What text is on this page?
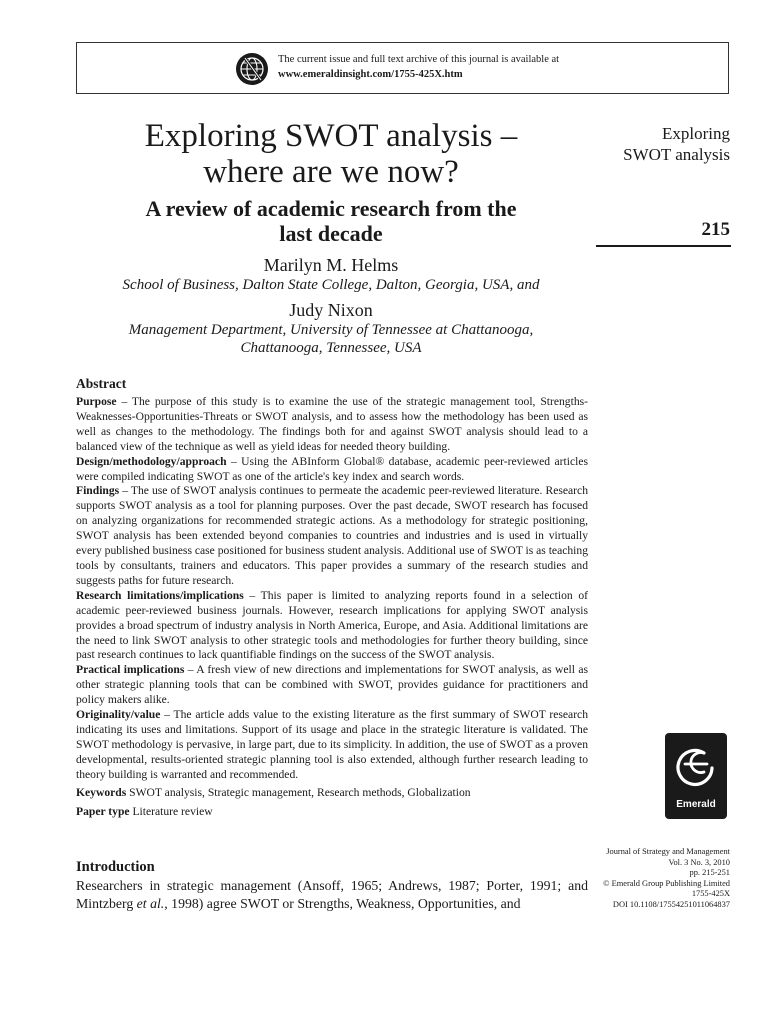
The current issue and full text archive of this journal is available at
www.emeraldinsight.com/1755-425X.htm
Exploring SWOT analysis –
where are we now?
A review of academic research from the
last decade
Marilyn M. Helms
School of Business, Dalton State College, Dalton, Georgia, USA, and
Judy Nixon
Management Department, University of Tennessee at Chattanooga,
Chattanooga, Tennessee, USA
Exploring
SWOT analysis
215
Abstract

Purpose – The purpose of this study is to examine the use of the strategic management tool, Strengths-Weaknesses-Opportunities-Threats or SWOT analysis, and to assess how the methodology has been used as well as changes to the methodology. The findings both for and against SWOT analysis should lead to a balanced view of the technique as well as yield ideas for needed theory building.

Design/methodology/approach – Using the ABInform Global® database, academic peer-reviewed articles were compiled indicating SWOT as one of the article's key index and search words.

Findings – The use of SWOT analysis continues to permeate the academic peer-reviewed literature. Research supports SWOT analysis as a tool for planning purposes. Over the past decade, SWOT research has focused on analyzing organizations for recommended strategic actions. As a methodology for strategic positioning, SWOT analysis has been extended beyond companies to countries and industries and is used in virtually every published business case positioned for business student analysis. Additional use of SWOT is as teaching tools by consultants, trainers and educators. This paper provides a summary of the research studies and suggests paths for future research.

Research limitations/implications – This paper is limited to analyzing reports found in a selection of academic peer-reviewed business journals. However, research implications for applying SWOT analysis provides a broad spectrum of industry analysis in North America, Europe, and Asia. Additional limitations are the need to link SWOT analysis to other strategic tools and methodologies for further theory building, since past research continues to lack quantifiable findings on the success of the SWOT analysis.

Practical implications – A fresh view of new directions and implementations for SWOT analysis, as well as other strategic planning tools that can be combined with SWOT, provides guidance for practitioners and policy makers alike.

Originality/value – The article adds value to the existing literature as the first summary of SWOT research indicating its uses and limitations. Support of its usage and place in the strategic literature is validated. The SWOT methodology is pervasive, in large part, due to its simplicity. In addition, the use of SWOT as a proven developmental, results-oriented strategic planning tool is also extended, although further research leading to theory building is warranted and recommended.

Keywords SWOT analysis, Strategic management, Research methods, Globalization

Paper type Literature review

Emerald
Journal of Strategy and Management
Vol. 3 No. 3, 2010
pp. 215-251
© Emerald Group Publishing Limited
1755-425X
DOI 10.1108/17554251011064837
Introduction
Researchers in strategic management (Ansoff, 1965; Andrews, 1987; Porter, 1991; and Mintzberg et al., 1998) agree SWOT or Strengths, Weakness, Opportunities, and
